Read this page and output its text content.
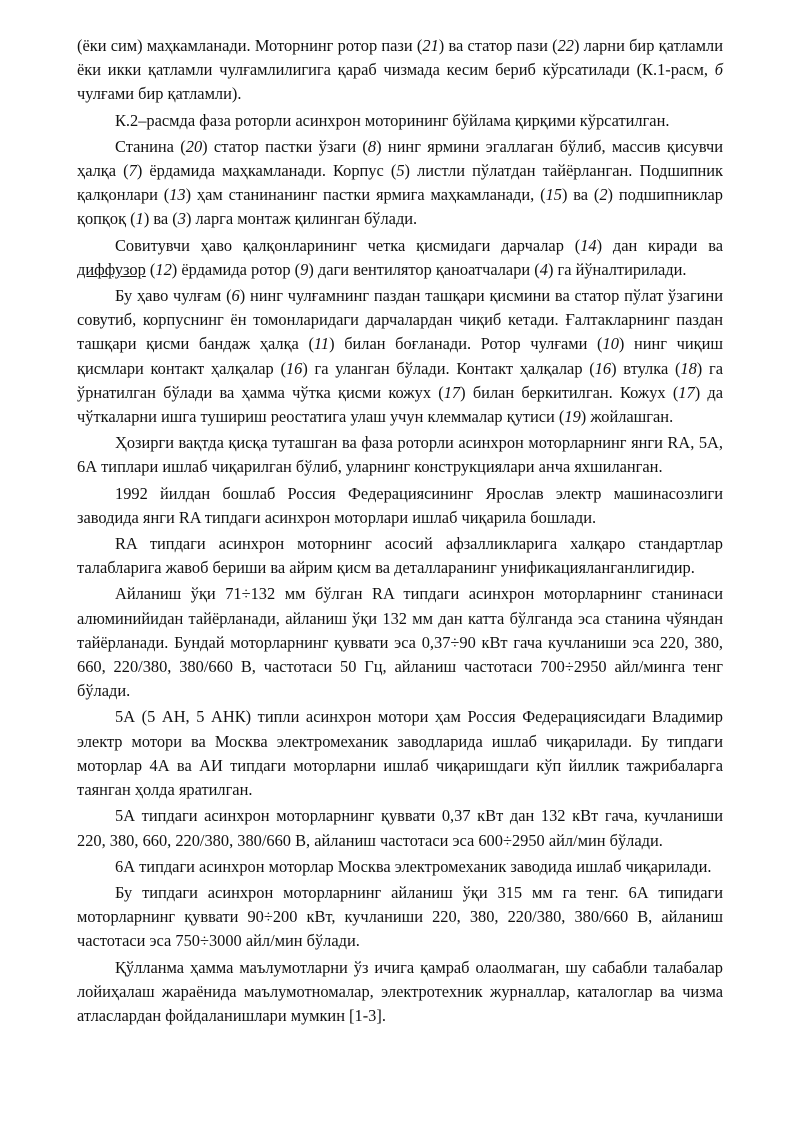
(ёки сим) маҳкамланади. Моторнинг ротор пази (21) ва статор пази (22) ларни бир қатламли ёки икки қатламли чулғамлилигига қараб чизмада кесим бериб кўрсатилади (К.1-расм, б чулғами бир қатламли).

К.2–расмда фаза роторли асинхрон моторининг бўйлама қирқими кўрсатилган.

Станина (20) статор пастки ўзаги (8) нинг ярмини эгаллаган бўлиб, массив қисувчи ҳалқа (7) ёрдамида маҳкамланади. Корпус (5) листли пўлатдан тайёрланган. Подшипник қалқонлари (13) ҳам станинанинг пастки ярмига маҳкамланади, (15) ва (2) подшипниклар қопқоқ (1) ва (3) ларга монтаж қилинган бўлади.

Совитувчи ҳаво қалқонларининг четка қисмидаги дарчалар (14) дан киради ва диффузор (12) ёрдамида ротор (9) даги вентилятор қаноатчалари (4) га йўналтирилади.

Бу ҳаво чулғам (6) нинг чулғамнинг паздан ташқари қисмини ва статор пўлат ўзагини совутиб, корпуснинг ён томонларидаги дарчалардан чиқиб кетади. Ғалтакларнинг паздан ташқари қисми бандаж ҳалқа (11) билан боғланади. Ротор чулғами (10) нинг чиқиш қисмлари контакт ҳалқалар (16) га уланган бўлади. Контакт ҳалқалар (16) втулка (18) га ўрнатилган бўлади ва ҳамма чўтка қисми кожух (17) билан беркитилган. Кожух (17) да чўткаларни ишга тушириш реостатига улаш учун клеммалар қутиси (19) жойлашган.

Ҳозирги вақтда қисқа туташган ва фаза роторли асинхрон моторларнинг янги RA, 5А, 6А типлари ишлаб чиқарилган бўлиб, уларнинг конструкциялари анча яхшиланган.

1992 йилдан бошлаб Россия Федерациясининг Ярослав электр машинасозлиги заводида янги RA типдаги асинхрон моторлари ишлаб чиқарила бошлади.

RA типдаги асинхрон моторнинг асосий афзалликларига халқаро стандартлар талабларига жавоб бериши ва айрим қисм ва деталларанинг унификацияланганлигидир.

Айланиш ўқи 71÷132 мм бўлган RA типдаги асинхрон моторларнинг станинаси алюминийидан тайёрланади, айланиш ўқи 132 мм дан катта бўлганда эса станина чўяндан тайёрланади. Бундай моторларнинг қуввати эса 0,37÷90 кВт гача кучланиши эса 220, 380, 660, 220/380, 380/660 В, частотаси 50 Гц, айланиш частотаси 700÷2950 айл/минга тенг бўлади.

5А (5 АН, 5 АНК) типли асинхрон мотори ҳам Россия Федерациясидаги Владимир электр мотори ва Москва электромеханик заводларида ишлаб чиқарилади. Бу типдаги моторлар 4А ва АИ типдаги моторларни ишлаб чиқаришдаги кўп йиллик тажрибаларга таянган ҳолда яратилган.

5А типдаги асинхрон моторларнинг қуввати 0,37 кВт дан 132 кВт гача, кучланиши 220, 380, 660, 220/380, 380/660 В, айланиш частотаси эса 600÷2950 айл/мин бўлади.

6А типдаги асинхрон моторлар Москва электромеханик заводида ишлаб чиқарилади.

Бу типдаги асинхрон моторларнинг айланиш ўқи 315 мм га тенг. 6А типидаги моторларнинг қуввати 90÷200 кВт, кучланиши 220, 380, 220/380, 380/660 В, айланиш частотаси эса 750÷3000 айл/мин бўлади.

Қўлланма ҳамма маълумотларни ўз ичига қамраб олаолмаган, шу сабабли талабалар лойиҳалаш жараёнида маълумотномалар, электротехник журналлар, каталоглар ва чизма атласлардан фойдаланишлари мумкин [1-3].
